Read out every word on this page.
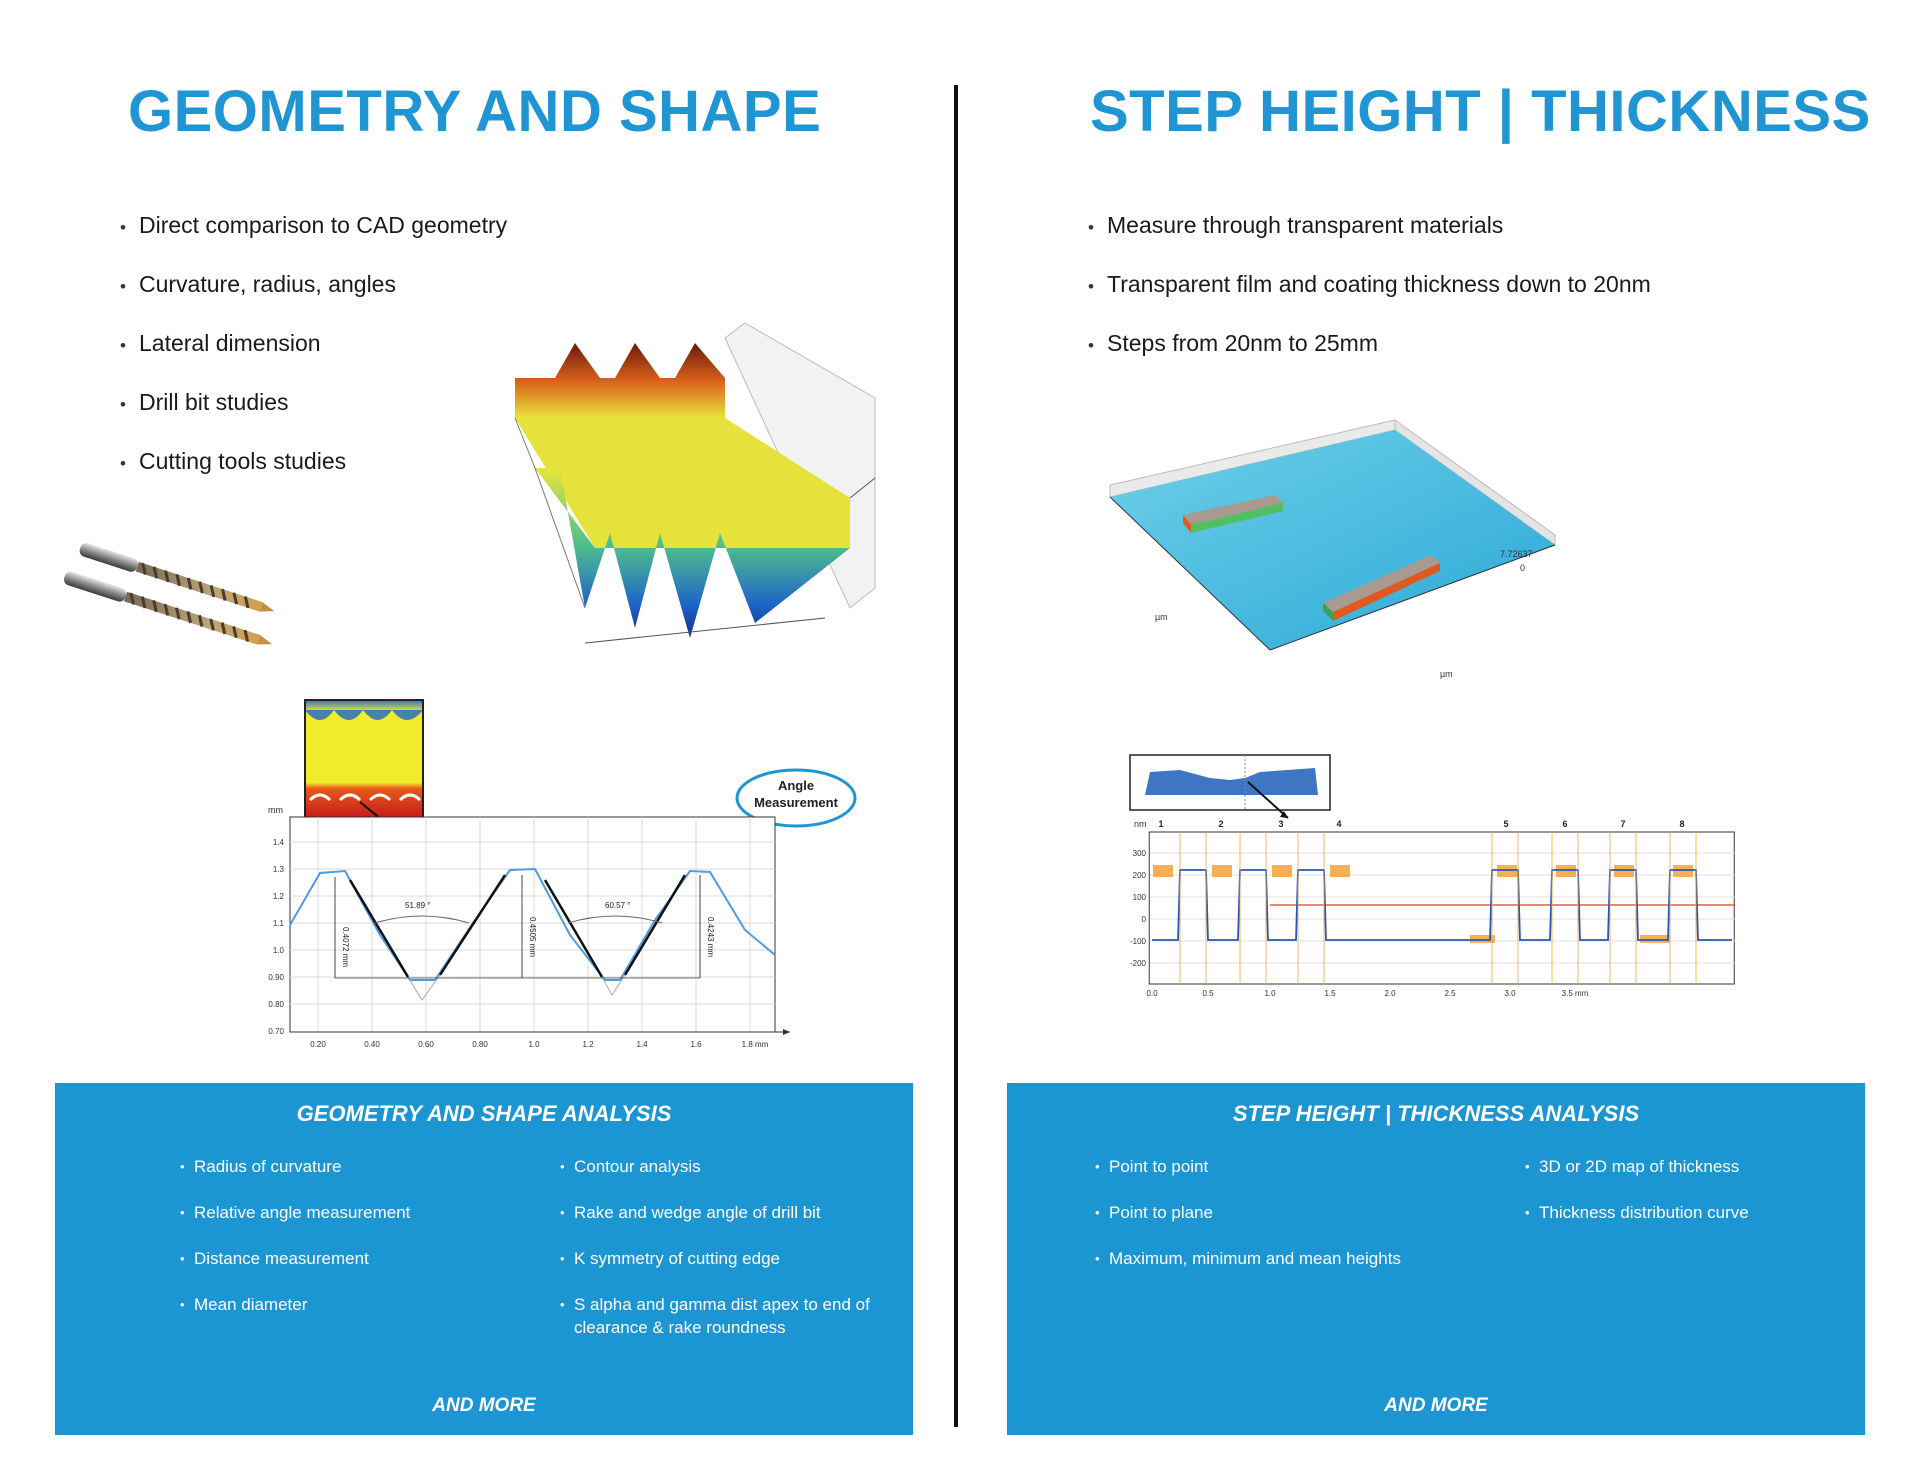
GEOMETRY AND SHAPE
• Direct comparison to CAD geometry
• Curvature, radius, angles
• Lateral dimension
• Drill bit studies
• Cutting tools studies
Angle
Measurement
mm
1.4
1.3
1.2
1.1
1.0
0.90
0.80
0.70
0.20	0.40	0.60	0.80	1.0	1.2	1.4	1.6	1.8 mm
51.89 °	60.57 °
0.4072 mm	0.4505 mm	0.4243 mm
GEOMETRY AND SHAPE ANALYSIS
• Radius of curvature
• Relative angle measurement
• Distance measurement
• Mean diameter
• Contour analysis
• Rake and wedge angle of drill bit
• K symmetry of cutting edge
• S alpha and gamma dist apex to end of clearance & rake roundness
AND MORE
STEP HEIGHT | THICKNESS
• Measure through transparent materials
• Transparent film and coating thickness down to 20nm
• Steps from 20nm to 25mm
7.72637
0
µm
µm
nm 1	2	3	4	5	6	7	8
300
200
100
0
-100
-200
0.0	0.5	1.0	1.5	2.0	2.5	3.0	3.5 mm
STEP HEIGHT | THICKNESS ANALYSIS
• Point to point
• Point to plane
• Maximum, minimum and mean heights
• 3D or 2D map of thickness
• Thickness distribution curve
AND MORE
